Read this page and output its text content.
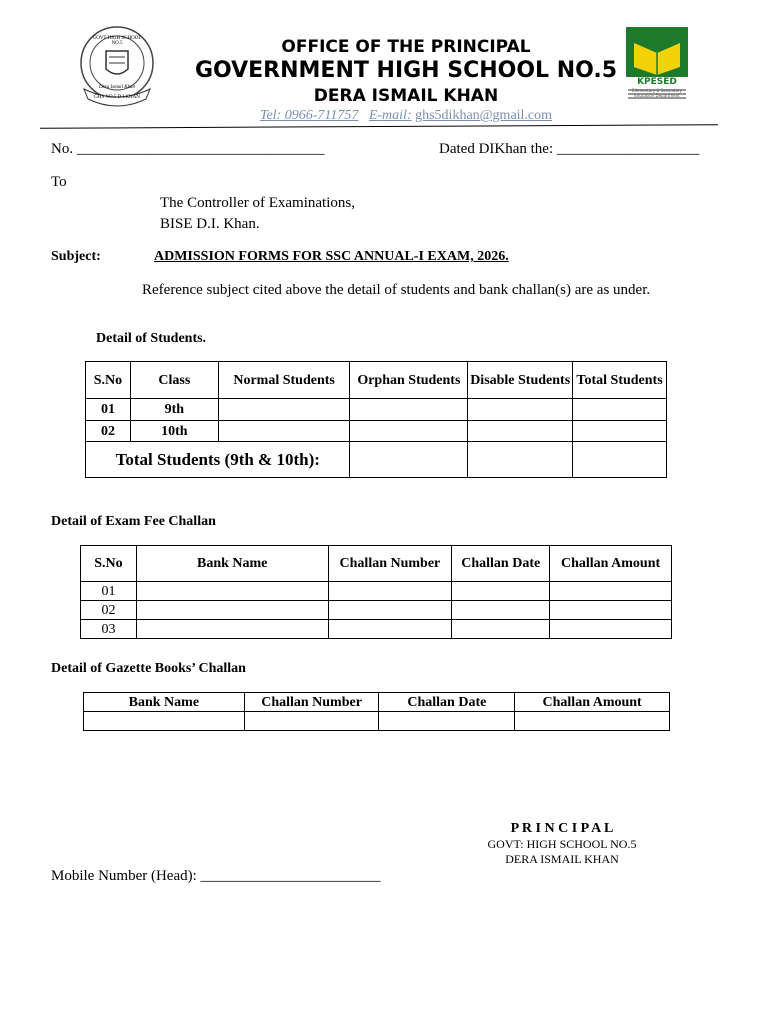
GOVT HIGH SCHOOL NO.5
Dera Ismail Khan
GHS NO.5 D.I.KHAN
OFFICE OF THE PRINCIPAL
GOVERNMENT HIGH SCHOOL NO.5
DERA ISMAIL KHAN
Tel: 0966-711757 E-mail: ghs5dikhan@gmail.com
KPESED
Elementary & Secondary Education Department
No. _________________________________	Dated DIKhan the: ___________________
To
The Controller of Examinations,
BISE D.I. Khan.
Subject:	ADMISSION FORMS FOR SSC ANNUAL-I EXAM, 2026.
Reference subject cited above the detail of students and bank challan(s) are as under.
Detail of Students.
S.No	Class	Normal Students	Orphan Students	Disable Students	Total Students
01	9th				
02	10th				
Total Students (9th & 10th):					
Detail of Exam Fee Challan
S.No	Bank Name	Challan Number	Challan Date	Challan Amount
01				
02				
03				
Detail of Gazette Books’ Challan
Bank Name	Challan Number	Challan Date	Challan Amount

P R I N C I P A L
GOVT: HIGH SCHOOL NO.5
DERA ISMAIL KHAN
Mobile Number (Head): ________________________
